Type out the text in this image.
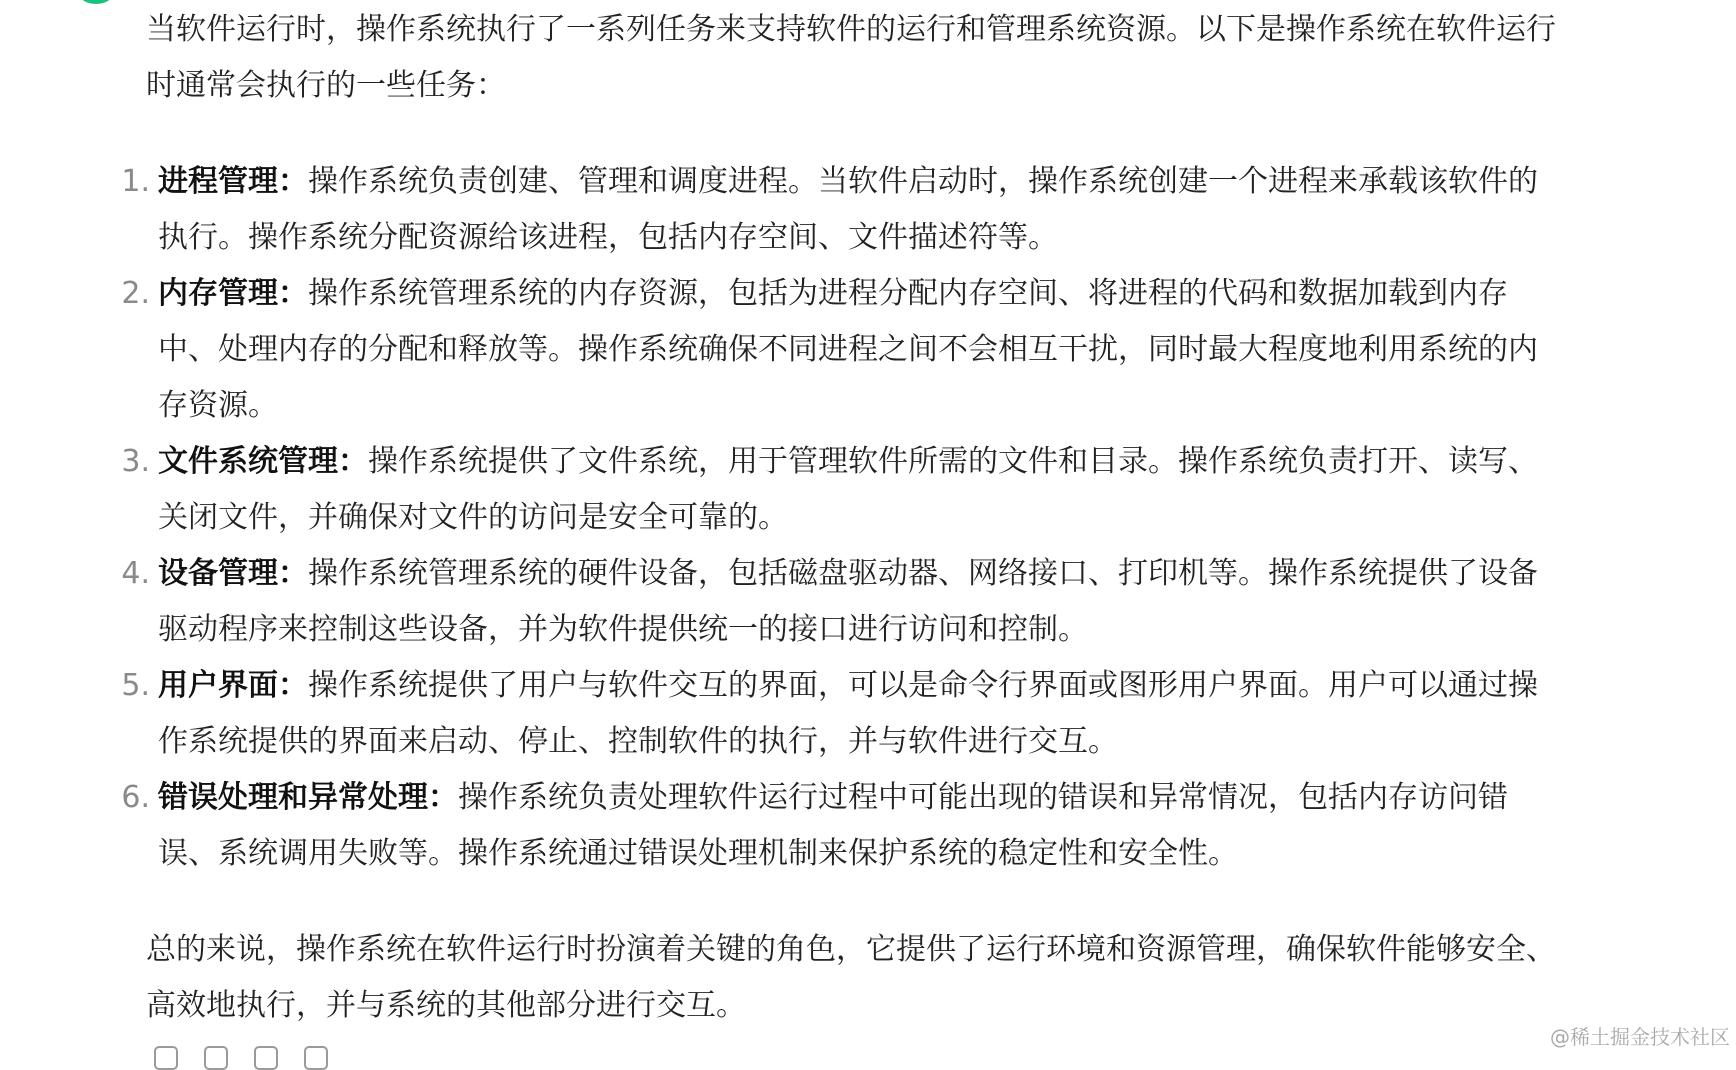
当软件运行时，操作系统执行了一系列任务来支持软件的运行和管理系统资源。以下是操作系统在软件运行时通常会执行的一些任务：

1. 进程管理：操作系统负责创建、管理和调度进程。当软件启动时，操作系统创建一个进程来承载该软件的执行。操作系统分配资源给该进程，包括内存空间、文件描述符等。
2. 内存管理：操作系统管理系统的内存资源，包括为进程分配内存空间、将进程的代码和数据加载到内存中、处理内存的分配和释放等。操作系统确保不同进程之间不会相互干扰，同时最大程度地利用系统的内存资源。
3. 文件系统管理：操作系统提供了文件系统，用于管理软件所需的文件和目录。操作系统负责打开、读写、关闭文件，并确保对文件的访问是安全可靠的。
4. 设备管理：操作系统管理系统的硬件设备，包括磁盘驱动器、网络接口、打印机等。操作系统提供了设备驱动程序来控制这些设备，并为软件提供统一的接口进行访问和控制。
5. 用户界面：操作系统提供了用户与软件交互的界面，可以是命令行界面或图形用户界面。用户可以通过操作系统提供的界面来启动、停止、控制软件的执行，并与软件进行交互。
6. 错误处理和异常处理：操作系统负责处理软件运行过程中可能出现的错误和异常情况，包括内存访问错误、系统调用失败等。操作系统通过错误处理机制来保护系统的稳定性和安全性。

总的来说，操作系统在软件运行时扮演着关键的角色，它提供了运行环境和资源管理，确保软件能够安全、高效地执行，并与系统的其他部分进行交互。

@稀土掘金技术社区
